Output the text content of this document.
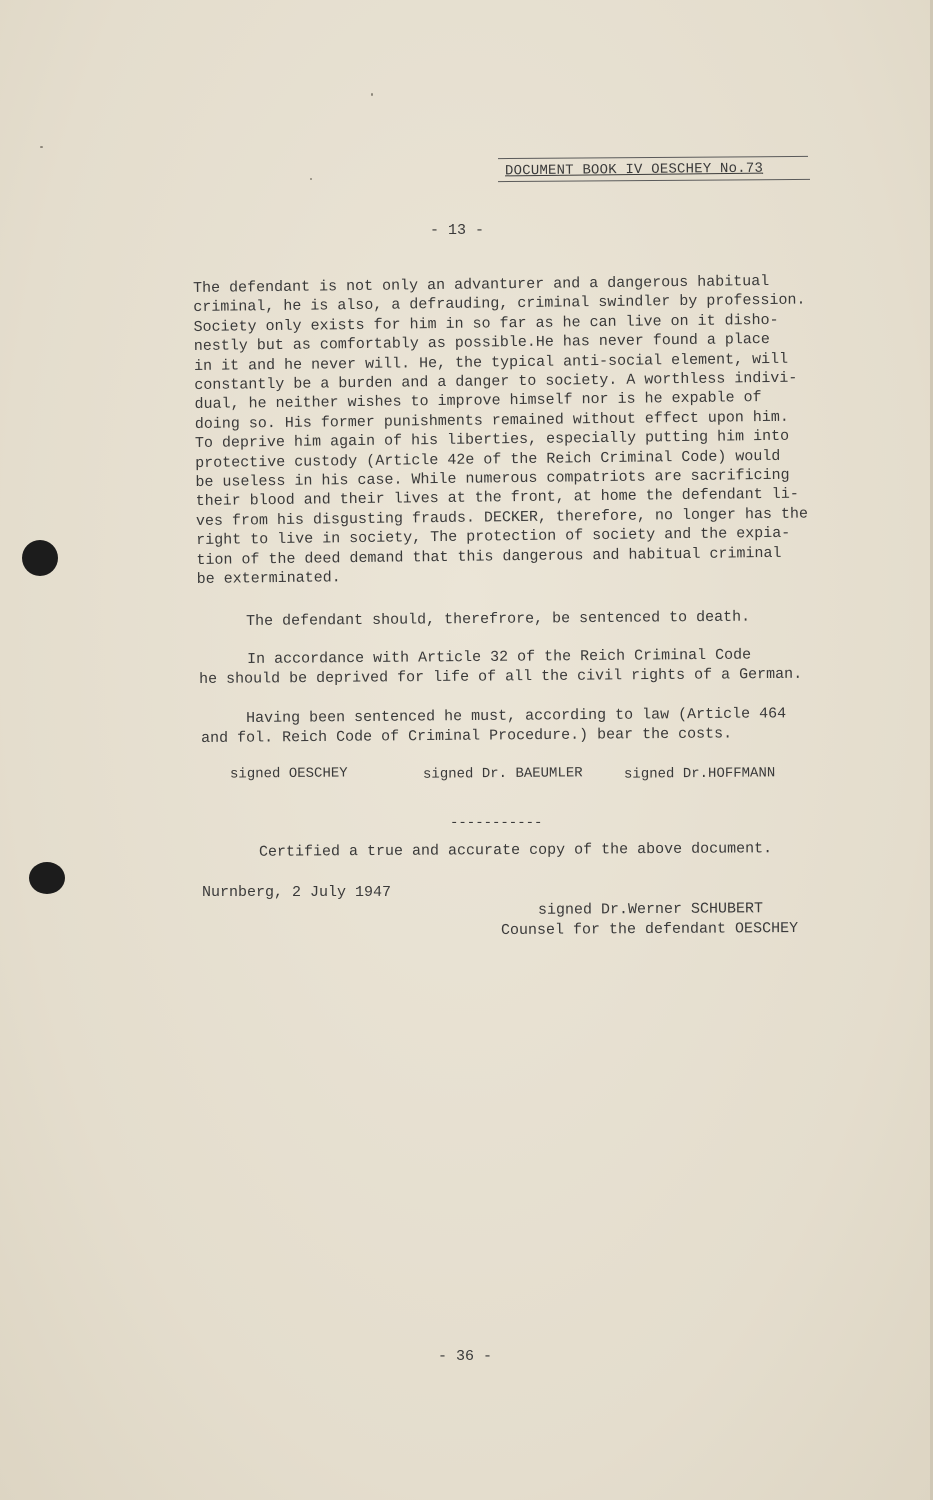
DOCUMENT BOOK IV OESCHEY No.73
- 13 -
The defendant is not only an advanturer and a dangerous habitual
criminal, he is also, a defrauding, criminal swindler by profession.
Society only exists for him in so far as he can live on it disho-
nestly but as comfortably as possible.He has never found a place
in it and he never will. He, the typical anti-social element, will
constantly be a burden and a danger to society. A worthless indivi-
dual, he neither wishes to improve himself nor is he expable of
doing so. His former punishments remained without effect upon him.
To deprive him again of his liberties, especially putting him into
protective custody (Article 42e of the Reich Criminal Code) would
be useless in his case. While numerous compatriots are sacrificing
their blood and their lives at the front, at home the defendant li-
ves from his disgusting frauds. DECKER, therefore, no longer has the
right to live in society, The protection of society and the expia-
tion of the deed demand that this dangerous and habitual criminal
be exterminated.
The defendant should, therefrore, be sentenced to death.
In accordance with Article 32 of the Reich Criminal Code
he should be deprived for life of all the civil rights of a German.
Having been sentenced he must, according to law (Article 464
and fol. Reich Code of Criminal Procedure.) bear the costs.
signed OESCHEY	signed Dr. BAEUMLER	signed Dr.HOFFMANN
-----------
Certified a true and accurate copy of the above document.
Nurnberg, 2 July 1947
signed Dr.Werner SCHUBERT
Counsel for the defendant OESCHEY
- 36 -
